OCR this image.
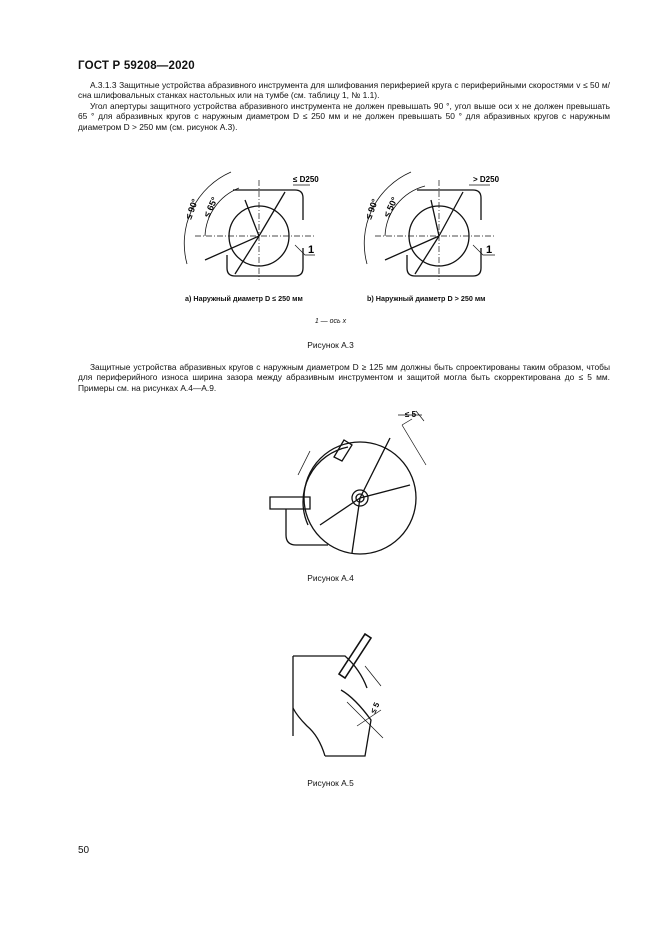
ГОСТ Р 59208—2020
А.3.1.3 Защитные устройства абразивного инструмента для шлифования периферией круга с периферийными скоростями v ≤ 50 м/сна шлифовальных станках настольных или на тумбе (см. таблицу 1, № 1.1).
Угол апертуры защитного устройства абразивного инструмента не должен превышать 90 °, угол выше оси x не должен превышать 65 ° для абразивных кругов с наружным диаметром D ≤ 250 мм и не должен превышать 50 ° для абразивных кругов с наружным диаметром D > 250 мм (см. рисунок А.3).
≤ 90° ≤ 65°
≤ D250
1
≤ 90° ≤ 50°
> D250
1
a) Наружный диаметр D ≤ 250 мм	b) Наружный диаметр D > 250 мм
1 — ось x
Рисунок А.3
Защитные устройства абразивных кругов с наружным диаметром D ≥ 125 мм должны быть спроектированы таким образом, чтобы для периферийного износа ширина зазора между абразивным инструментом и защитой могла быть скорректирована до ≤ 5 мм. Примеры см. на рисунках А.4—А.9.
≤ 5
Рисунок А.4
≤ 5
Рисунок А.5
50
